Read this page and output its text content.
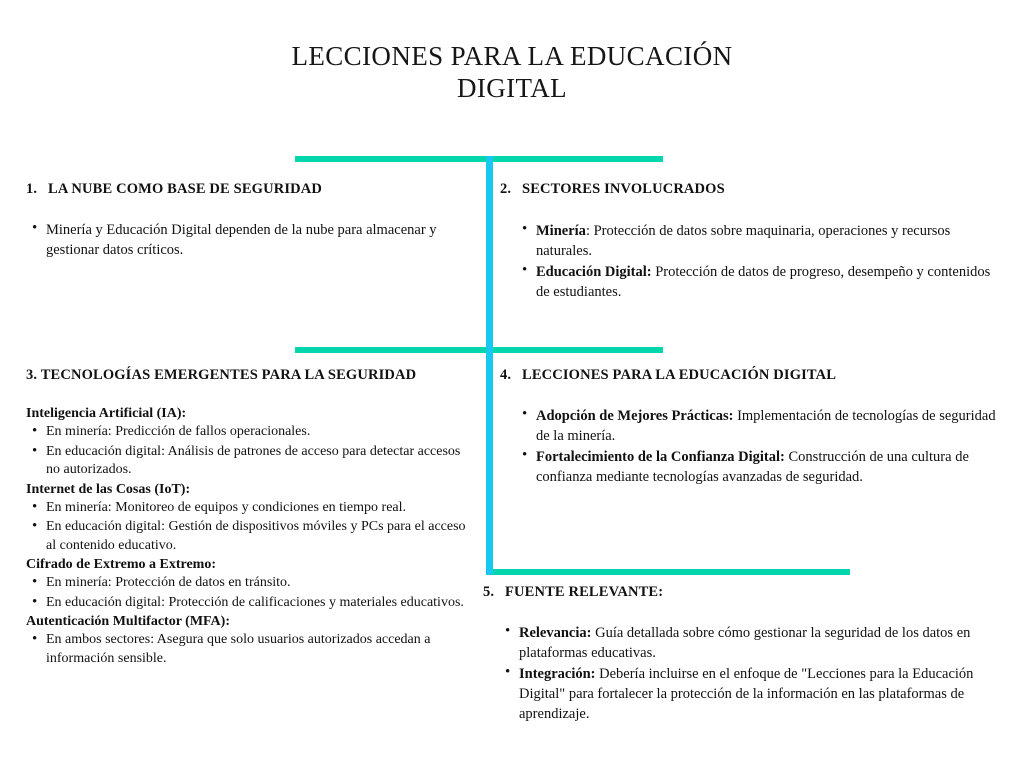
LECCIONES PARA LA EDUCACIÓN
DIGITAL
1. LA NUBE COMO BASE DE SEGURIDAD
• Minería y Educación Digital dependen de la nube para almacenar y gestionar datos críticos.
2. SECTORES INVOLUCRADOS
• Minería: Protección de datos sobre maquinaria, operaciones y recursos naturales.
• Educación Digital: Protección de datos de progreso, desempeño y contenidos de estudiantes.
3. TECNOLOGÍAS EMERGENTES PARA LA SEGURIDAD
Inteligencia Artificial (IA):
• En minería: Predicción de fallos operacionales.
• En educación digital: Análisis de patrones de acceso para detectar accesos no autorizados.
Internet de las Cosas (IoT):
• En minería: Monitoreo de equipos y condiciones en tiempo real.
• En educación digital: Gestión de dispositivos móviles y PCs para el acceso al contenido educativo.
Cifrado de Extremo a Extremo:
• En minería: Protección de datos en tránsito.
• En educación digital: Protección de calificaciones y materiales educativos.
Autenticación Multifactor (MFA):
• En ambos sectores: Asegura que solo usuarios autorizados accedan a información sensible.
4. LECCIONES PARA LA EDUCACIÓN DIGITAL
• Adopción de Mejores Prácticas: Implementación de tecnologías de seguridad de la minería.
• Fortalecimiento de la Confianza Digital: Construcción de una cultura de confianza mediante tecnologías avanzadas de seguridad.
5. FUENTE RELEVANTE:
• Relevancia: Guía detallada sobre cómo gestionar la seguridad de los datos en plataformas educativas.
• Integración: Debería incluirse en el enfoque de "Lecciones para la Educación Digital" para fortalecer la protección de la información en las plataformas de aprendizaje.
